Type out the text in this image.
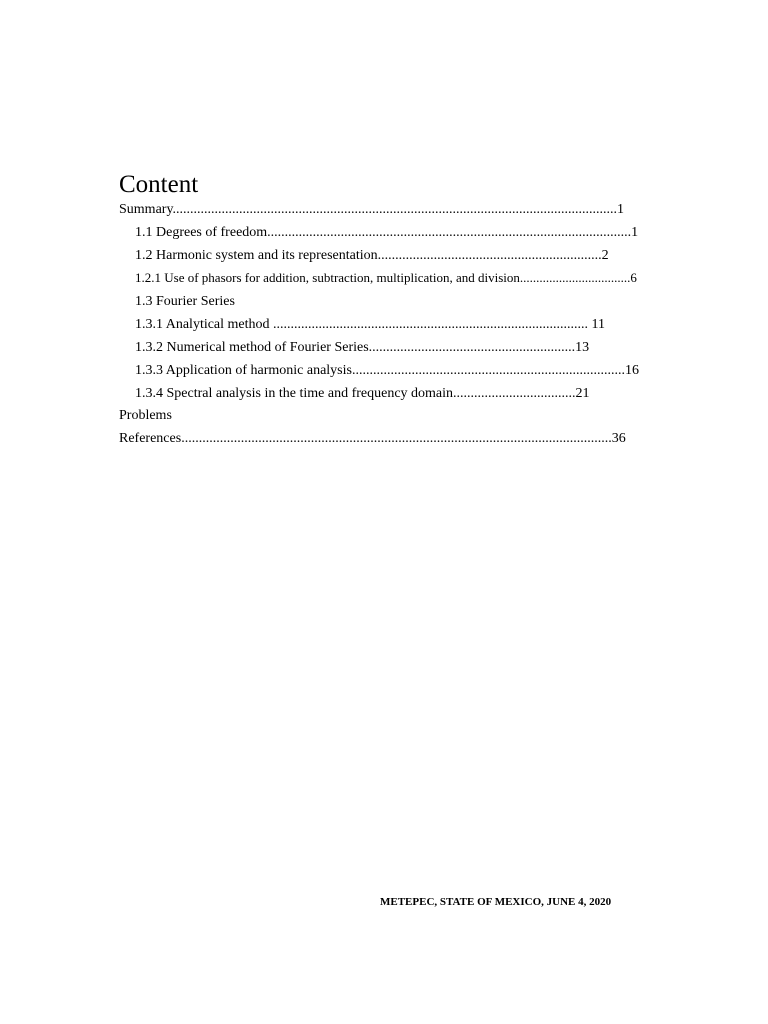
Content
Summary...............................................................................................................................1
1.1 Degrees of freedom........................................................................................................1
1.2 Harmonic system and its representation................................................................2
1.2.1 Use of phasors for addition, subtraction, multiplication, and division..................................6
1.3 Fourier Series
1.3.1 Analytical method .......................................................................................... 11
1.3.2 Numerical method of Fourier Series...........................................................13
1.3.3 Application of harmonic analysis..............................................................................16
1.3.4 Spectral analysis in the time and frequency domain...................................21
Problems
References...........................................................................................................................36
METEPEC, STATE OF MEXICO, JUNE 4, 2020
